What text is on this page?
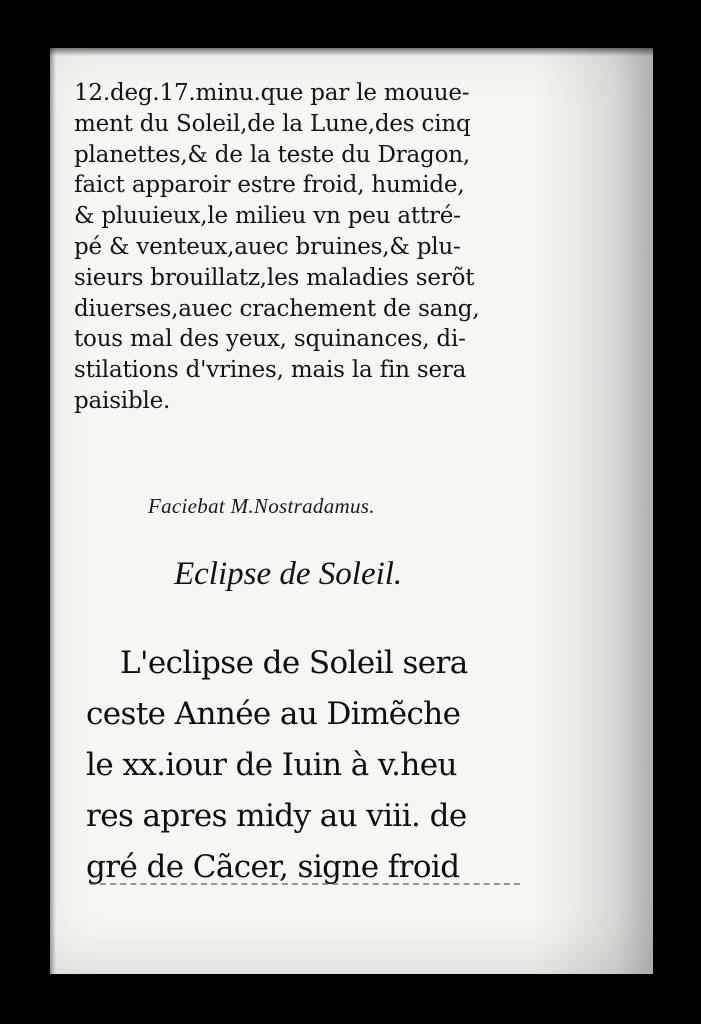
12.deg.17.minu.que par le mouue-
ment du Soleil,de la Lune,des cinq
planettes,& de la teste du Dragon,
faict apparoir estre froid, humide,
& pluuieux,le milieu vn peu attré-
pé & venteux,auec bruines,& plu-
sieurs brouillatz,les maladies serõt
diuerses,auec crachement de sang,
tous mal des yeux, squinances, di-
stilations d'vrines, mais la fin sera
paisible.

Faciebat M.Nostradamus.
Eclipse de Soleil.

L'eclipse de Soleil sera
ceste Année au Dimẽche
le xx.iour de Iuin à v.heu
res apres midy au viii. de
gré de Cãcer, signe froid
